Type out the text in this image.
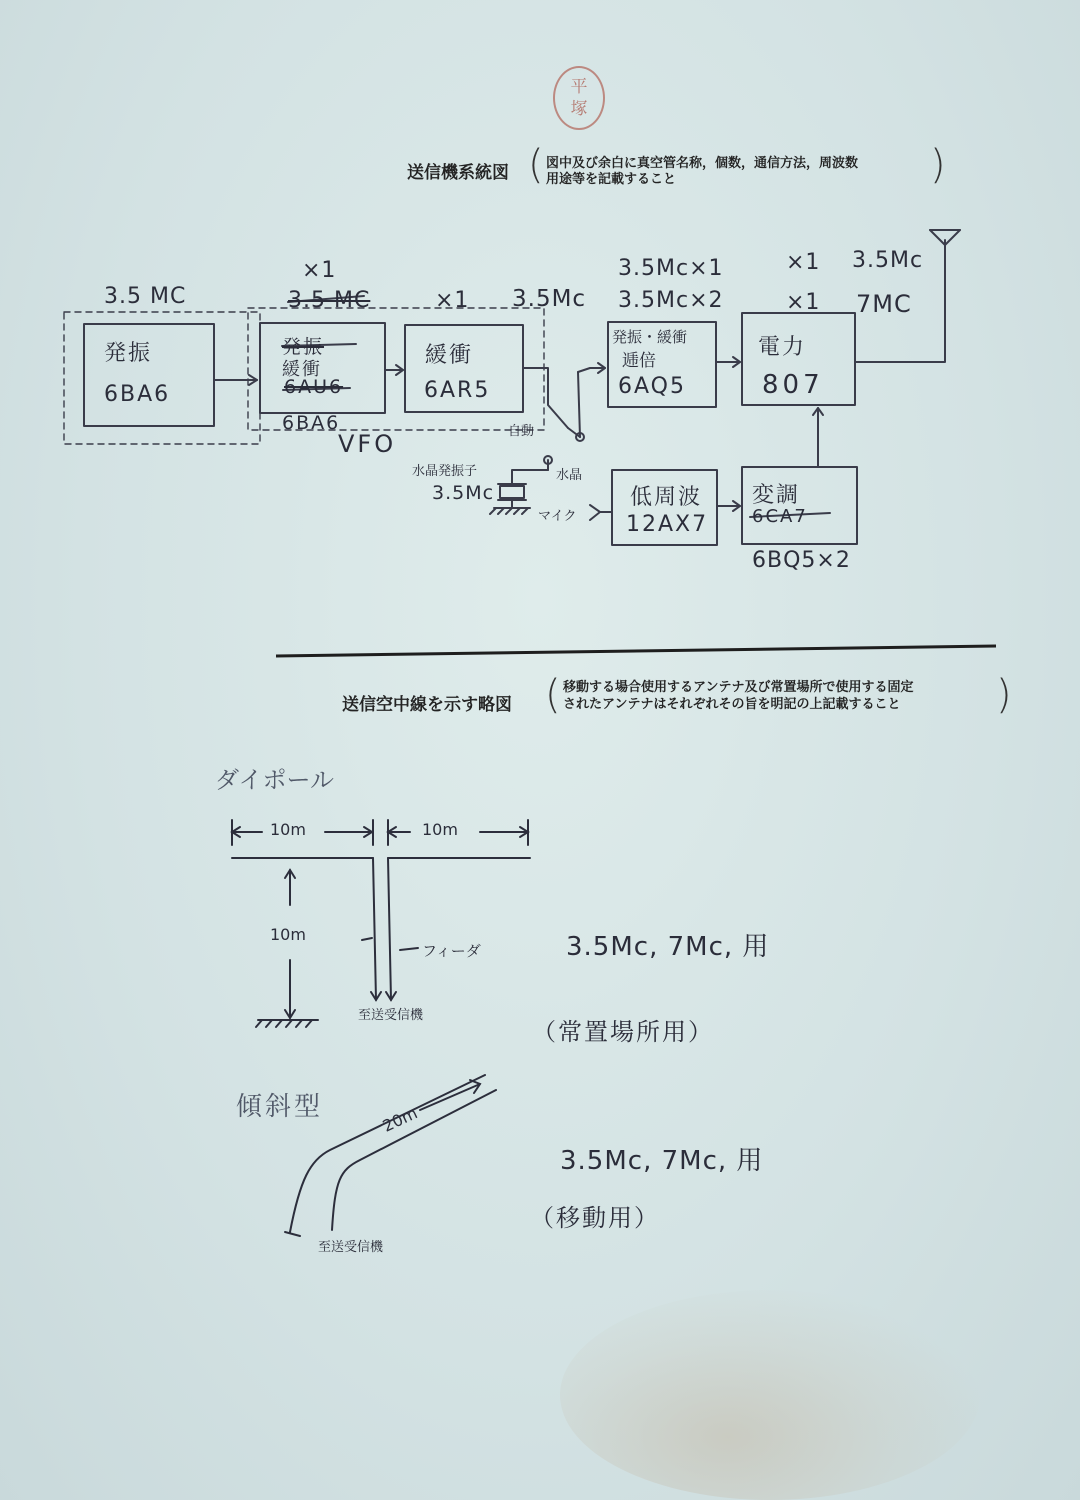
平
塚
送信機系統図 ( 図中及び余白に真空管名称，個数，通信方法，周波数
用途等を記載すること	)
3.5 MC
発振
6BA6
×1
3.5 MC
発振
緩衝
6AU6
6BA6
VFO
×1 3.5Mc
緩衝
6AR5
3.5Mc×1
3.5Mc×2
発振・緩衝
逓倍
6AQ5
×1 3.5Mc
×1 7MC
電力
807
自動
水晶
水晶発振子
3.5Mc
マイク
低周波
12AX7
変調
6CA7
6BQ5×2
送信空中線を示す略図 ( 移動する場合使用するアンテナ及び常置場所で使用する固定
されたアンテナはそれぞれその旨を明記の上記載すること )
ダイポール
10m	10m
10m
フィーダ
至送受信機
3.5Mc, 7Mc, 用
（常置場所用）
傾斜型	20m
至送受信機
3.5Mc, 7Mc, 用
（移動用）
